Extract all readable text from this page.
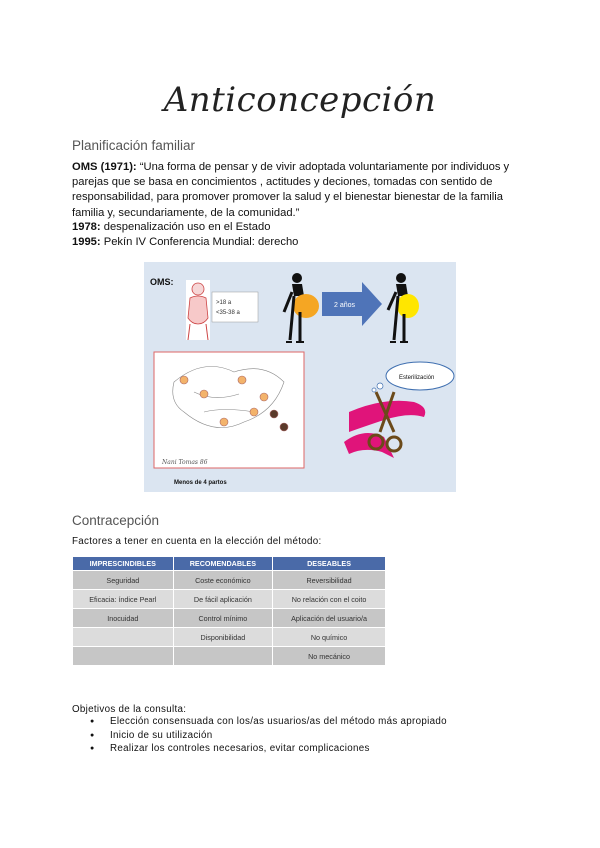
Anticoncepción
Planificación familiar

OMS (1971): “Una forma de pensar y de vivir adoptada voluntariamente por individuos y parejas que se basa en concimientos , actitudes y deciones, tomadas con sentido de responsabilidad, para promover promover la salud y el bienestar bienestar de la familia familia y, secundariamente, de la comunidad.”

1978: despenalización uso en el Estado

1995: Pekín IV Conferencia Mundial: derecho

OMS:
>18 a
<35-38 a
2 años
Nani Tomas 86
Menos de 4 partos
Esterilización
Contracepción

Factores a tener en cuenta en la elección del método:

IMPRESCINDIBLES	RECOMENDABLES	DESEABLES
Seguridad	Coste económico	Reversibilidad
Eficacia: índice Pearl	De fácil aplicación	No relación con el coito
Inocuidad	Control mínimo	Aplicación del usuario/a
	Disponibilidad	No químico
		No mecánico

Objetivos de la consulta:

● Elección consensuada con los/as usuarios/as del método más apropiado
● Inicio de su utilización
● Realizar los controles necesarios, evitar complicaciones
